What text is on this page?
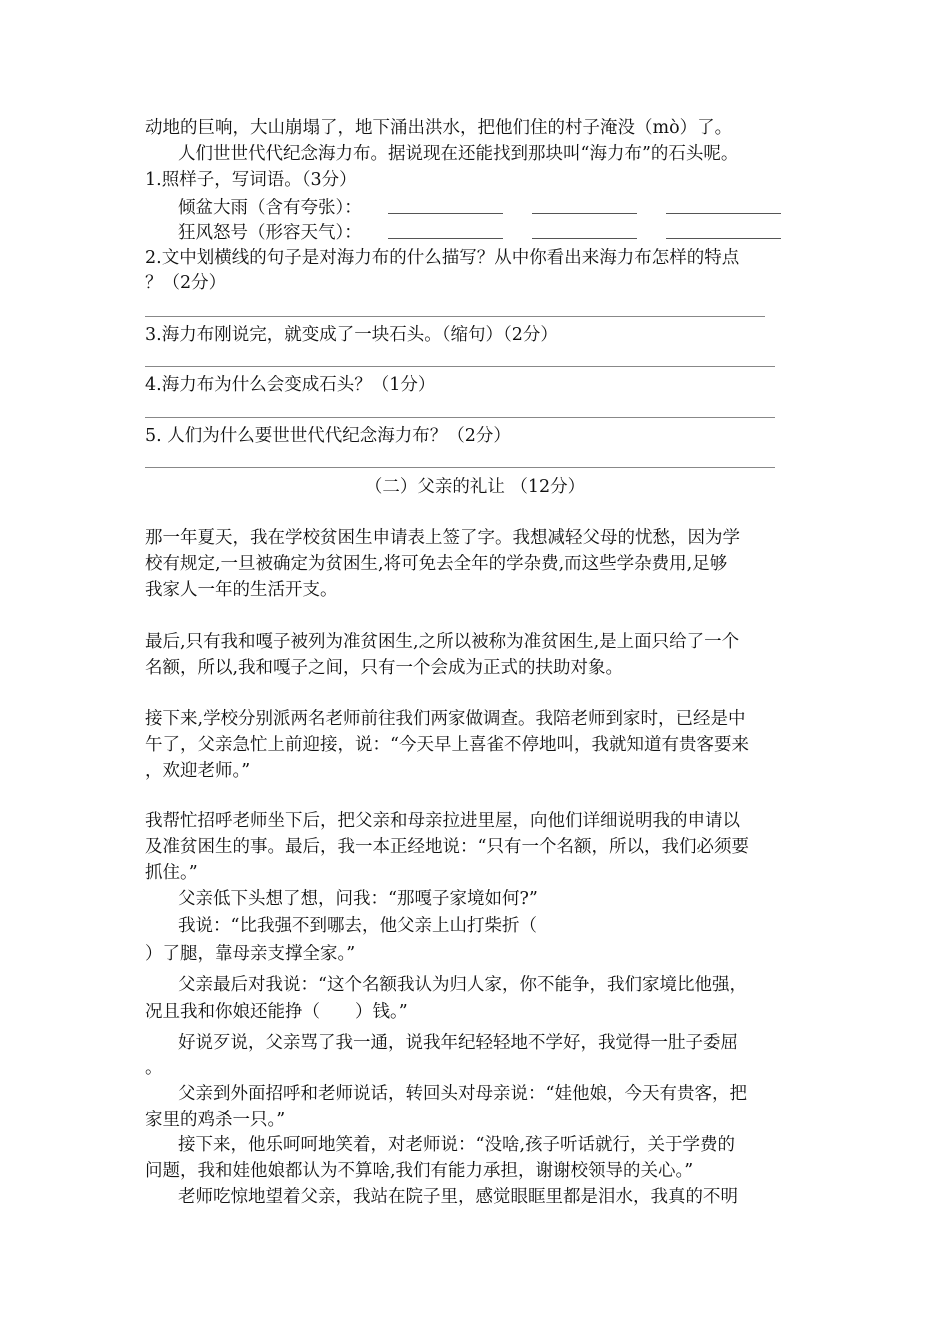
动地的巨响，大山崩塌了，地下涌出洪水，把他们住的村子淹没（mò）了。
人们世世代代纪念海力布。据说现在还能找到那块叫“海力布”的石头呢。
1.照样子，写词语。（3分）
倾盆大雨（含有夸张）：
狂风怒号（形容天气）：
2.文中划横线的句子是对海力布的什么描写？从中你看出来海力布怎样的特点
？（2分）
3.海力布刚说完，就变成了一块石头。（缩句）（2分）
4.海力布为什么会变成石头？（1分）
5. 人们为什么要世世代代纪念海力布？（2分）
（二）父亲的礼让 （12分）
那一年夏天，我在学校贫困生申请表上签了字。我想减轻父母的忧愁，因为学
校有规定,一旦被确定为贫困生,将可免去全年的学杂费,而这些学杂费用,足够
我家人一年的生活开支。
最后,只有我和嘎子被列为准贫困生,之所以被称为准贫困生,是上面只给了一个
名额，所以,我和嘎子之间，只有一个会成为正式的扶助对象。
接下来,学校分别派两名老师前往我们两家做调查。我陪老师到家时，已经是中
午了，父亲急忙上前迎接，说：“今天早上喜雀不停地叫，我就知道有贵客要来
，欢迎老师。”
我帮忙招呼老师坐下后，把父亲和母亲拉进里屋，向他们详细说明我的申请以
及准贫困生的事。最后，我一本正经地说：“只有一个名额，所以，我们必须要
抓住。”
父亲低下头想了想，问我：“那嘎子家境如何?”
我说：“比我强不到哪去，他父亲上山打柴折（
）了腿，靠母亲支撑全家。”
父亲最后对我说：“这个名额我认为归人家，你不能争，我们家境比他强，
况且我和你娘还能挣（　　）钱。”
好说歹说，父亲骂了我一通，说我年纪轻轻地不学好，我觉得一肚子委屈
。
父亲到外面招呼和老师说话，转回头对母亲说：“娃他娘，今天有贵客，把
家里的鸡杀一只。”
接下来，他乐呵呵地笑着，对老师说：“没啥,孩子听话就行，关于学费的
问题，我和娃他娘都认为不算啥,我们有能力承担，谢谢校领导的关心。”
老师吃惊地望着父亲，我站在院子里，感觉眼眶里都是泪水，我真的不明
